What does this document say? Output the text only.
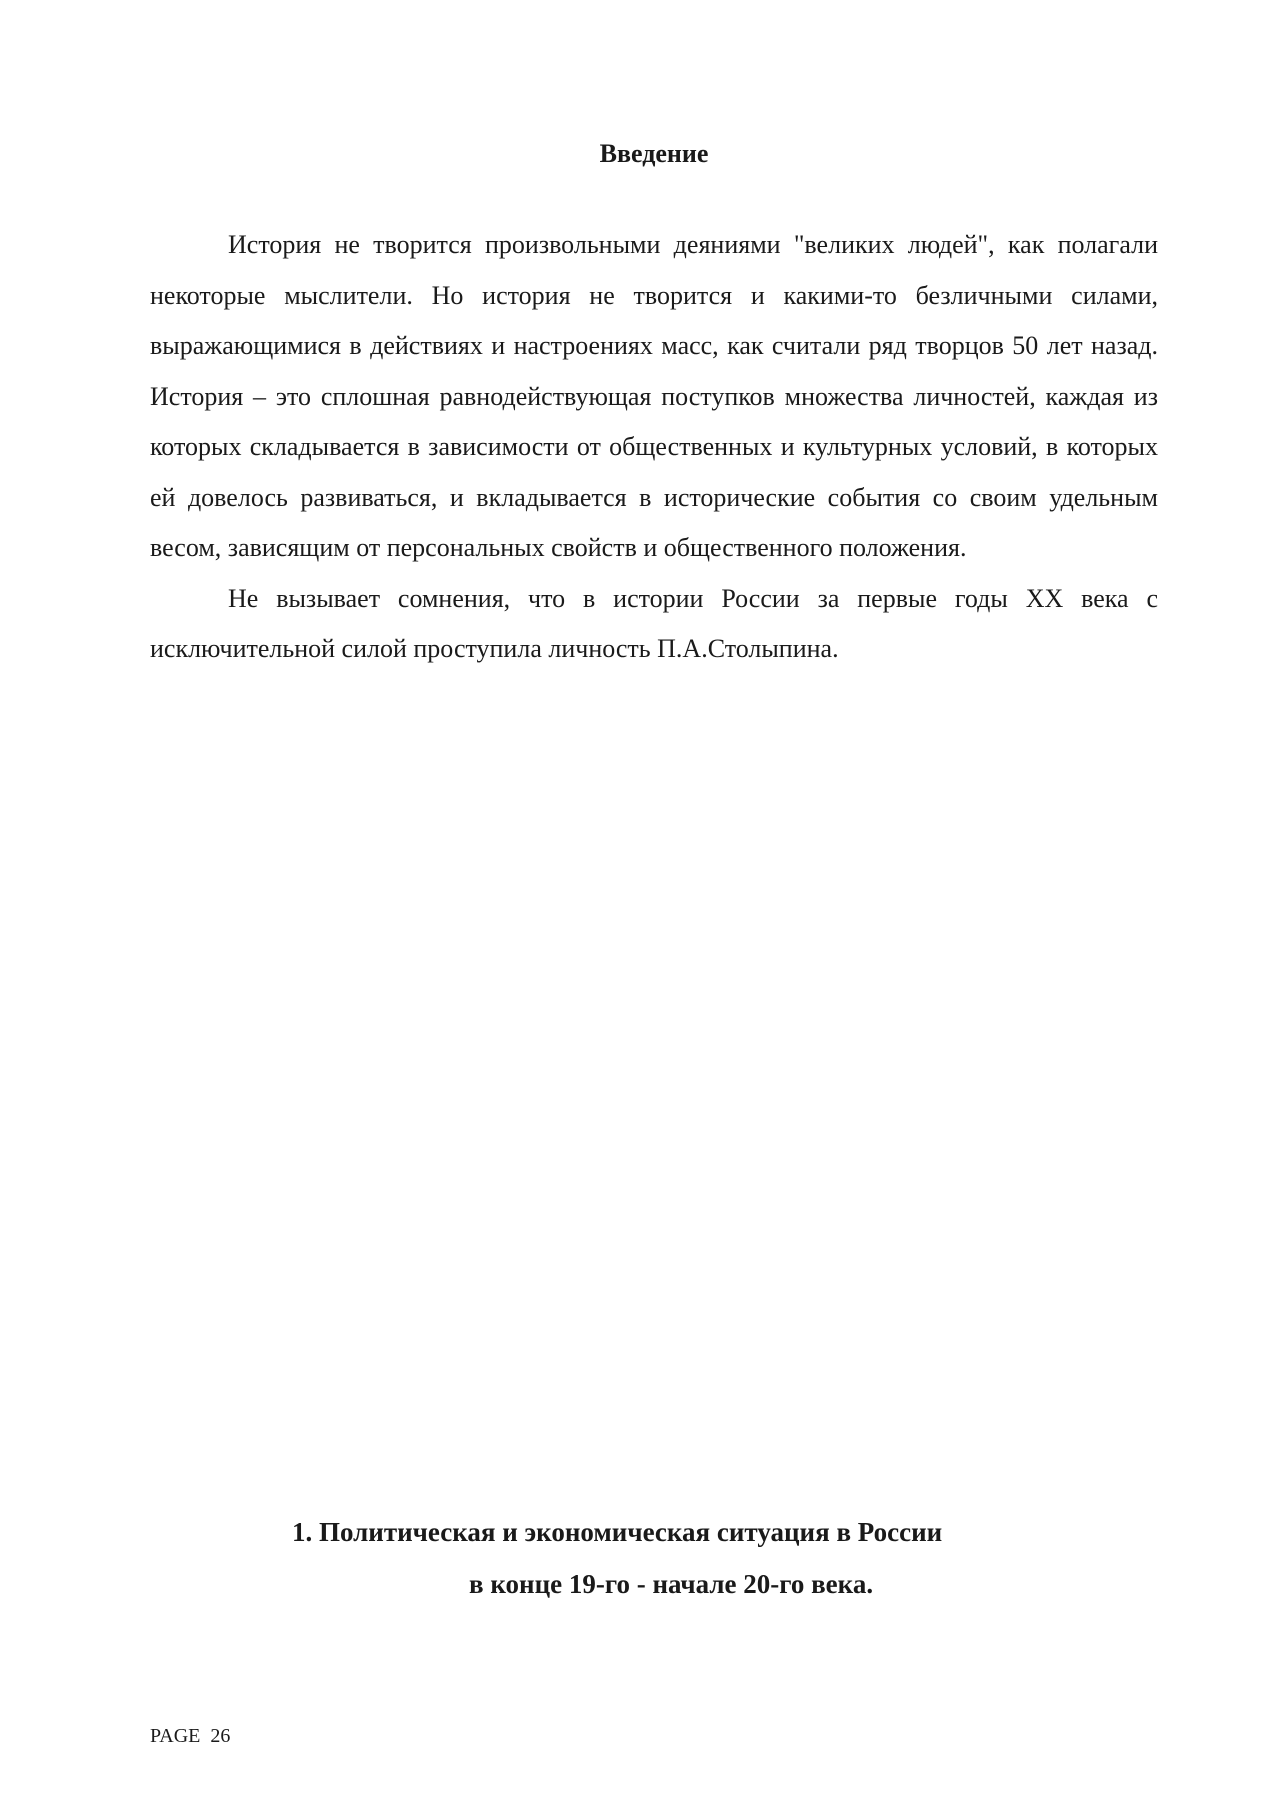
Введение

История не творится произвольными деяниями "великих людей", как полагали некоторые мыслители. Но история не творится и какими-то безличными силами, выражающимися в действиях и настроениях масс, как считали ряд творцов 50 лет назад. История – это сплошная равнодействующая поступков множества личностей, каждая из которых складывается в зависимости от общественных и культурных условий, в которых ей довелось развиваться, и вкладывается в исторические события со своим удельным весом, зависящим от персональных свойств и общественного положения.

Не вызывает сомнения, что в истории России за первые годы XX века с исключительной силой проступила личность П.А.Столыпина.

1. Политическая и экономическая ситуация в России
в конце 19-го - начале 20-го века.
PAGE 26
